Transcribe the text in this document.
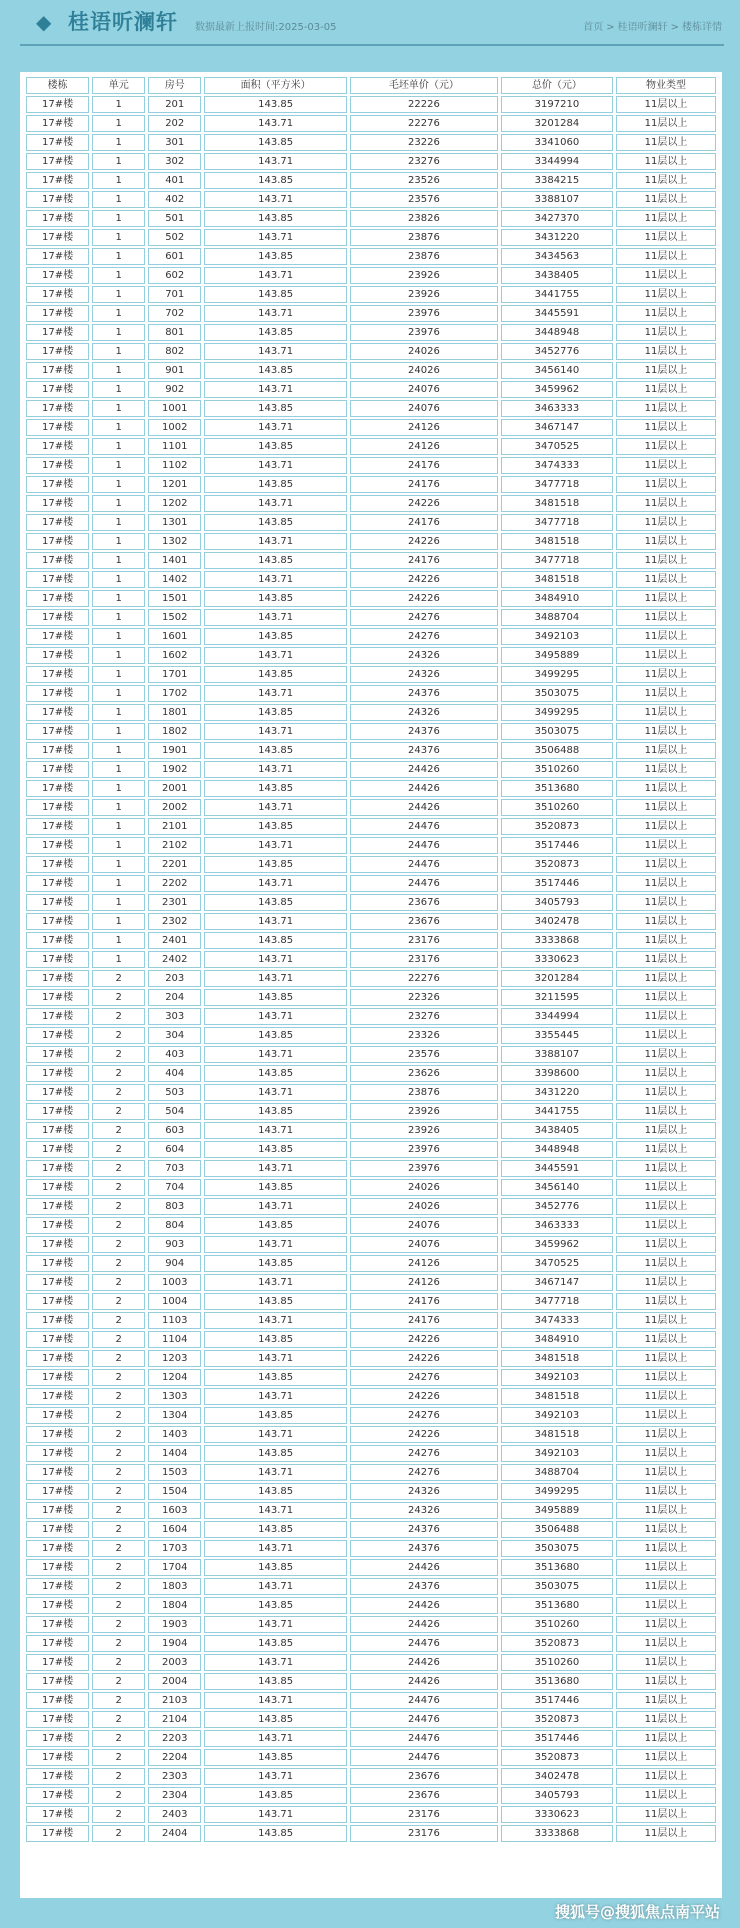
◆ 桂语听澜轩 数据最新上报时间:2025-03-05	首页 > 桂语听澜轩 > 楼栋详情
楼栋	单元	房号	面积（平方米）	毛坯单价（元）	总价（元）	物业类型
17#楼	1	201	143.85	22226	3197210	11层以上
17#楼	1	202	143.71	22276	3201284	11层以上
17#楼	1	301	143.85	23226	3341060	11层以上
17#楼	1	302	143.71	23276	3344994	11层以上
17#楼	1	401	143.85	23526	3384215	11层以上
17#楼	1	402	143.71	23576	3388107	11层以上
17#楼	1	501	143.85	23826	3427370	11层以上
17#楼	1	502	143.71	23876	3431220	11层以上
17#楼	1	601	143.85	23876	3434563	11层以上
17#楼	1	602	143.71	23926	3438405	11层以上
17#楼	1	701	143.85	23926	3441755	11层以上
17#楼	1	702	143.71	23976	3445591	11层以上
17#楼	1	801	143.85	23976	3448948	11层以上
17#楼	1	802	143.71	24026	3452776	11层以上
17#楼	1	901	143.85	24026	3456140	11层以上
17#楼	1	902	143.71	24076	3459962	11层以上
17#楼	1	1001	143.85	24076	3463333	11层以上
17#楼	1	1002	143.71	24126	3467147	11层以上
17#楼	1	1101	143.85	24126	3470525	11层以上
17#楼	1	1102	143.71	24176	3474333	11层以上
17#楼	1	1201	143.85	24176	3477718	11层以上
17#楼	1	1202	143.71	24226	3481518	11层以上
17#楼	1	1301	143.85	24176	3477718	11层以上
17#楼	1	1302	143.71	24226	3481518	11层以上
17#楼	1	1401	143.85	24176	3477718	11层以上
17#楼	1	1402	143.71	24226	3481518	11层以上
17#楼	1	1501	143.85	24226	3484910	11层以上
17#楼	1	1502	143.71	24276	3488704	11层以上
17#楼	1	1601	143.85	24276	3492103	11层以上
17#楼	1	1602	143.71	24326	3495889	11层以上
17#楼	1	1701	143.85	24326	3499295	11层以上
17#楼	1	1702	143.71	24376	3503075	11层以上
17#楼	1	1801	143.85	24326	3499295	11层以上
17#楼	1	1802	143.71	24376	3503075	11层以上
17#楼	1	1901	143.85	24376	3506488	11层以上
17#楼	1	1902	143.71	24426	3510260	11层以上
17#楼	1	2001	143.85	24426	3513680	11层以上
17#楼	1	2002	143.71	24426	3510260	11层以上
17#楼	1	2101	143.85	24476	3520873	11层以上
17#楼	1	2102	143.71	24476	3517446	11层以上
17#楼	1	2201	143.85	24476	3520873	11层以上
17#楼	1	2202	143.71	24476	3517446	11层以上
17#楼	1	2301	143.85	23676	3405793	11层以上
17#楼	1	2302	143.71	23676	3402478	11层以上
17#楼	1	2401	143.85	23176	3333868	11层以上
17#楼	1	2402	143.71	23176	3330623	11层以上
17#楼	2	203	143.71	22276	3201284	11层以上
17#楼	2	204	143.85	22326	3211595	11层以上
17#楼	2	303	143.71	23276	3344994	11层以上
17#楼	2	304	143.85	23326	3355445	11层以上
17#楼	2	403	143.71	23576	3388107	11层以上
17#楼	2	404	143.85	23626	3398600	11层以上
17#楼	2	503	143.71	23876	3431220	11层以上
17#楼	2	504	143.85	23926	3441755	11层以上
17#楼	2	603	143.71	23926	3438405	11层以上
17#楼	2	604	143.85	23976	3448948	11层以上
17#楼	2	703	143.71	23976	3445591	11层以上
17#楼	2	704	143.85	24026	3456140	11层以上
17#楼	2	803	143.71	24026	3452776	11层以上
17#楼	2	804	143.85	24076	3463333	11层以上
17#楼	2	903	143.71	24076	3459962	11层以上
17#楼	2	904	143.85	24126	3470525	11层以上
17#楼	2	1003	143.71	24126	3467147	11层以上
17#楼	2	1004	143.85	24176	3477718	11层以上
17#楼	2	1103	143.71	24176	3474333	11层以上
17#楼	2	1104	143.85	24226	3484910	11层以上
17#楼	2	1203	143.71	24226	3481518	11层以上
17#楼	2	1204	143.85	24276	3492103	11层以上
17#楼	2	1303	143.71	24226	3481518	11层以上
17#楼	2	1304	143.85	24276	3492103	11层以上
17#楼	2	1403	143.71	24226	3481518	11层以上
17#楼	2	1404	143.85	24276	3492103	11层以上
17#楼	2	1503	143.71	24276	3488704	11层以上
17#楼	2	1504	143.85	24326	3499295	11层以上
17#楼	2	1603	143.71	24326	3495889	11层以上
17#楼	2	1604	143.85	24376	3506488	11层以上
17#楼	2	1703	143.71	24376	3503075	11层以上
17#楼	2	1704	143.85	24426	3513680	11层以上
17#楼	2	1803	143.71	24376	3503075	11层以上
17#楼	2	1804	143.85	24426	3513680	11层以上
17#楼	2	1903	143.71	24426	3510260	11层以上
17#楼	2	1904	143.85	24476	3520873	11层以上
17#楼	2	2003	143.71	24426	3510260	11层以上
17#楼	2	2004	143.85	24426	3513680	11层以上
17#楼	2	2103	143.71	24476	3517446	11层以上
17#楼	2	2104	143.85	24476	3520873	11层以上
17#楼	2	2203	143.71	24476	3517446	11层以上
17#楼	2	2204	143.85	24476	3520873	11层以上
17#楼	2	2303	143.71	23676	3402478	11层以上
17#楼	2	2304	143.85	23676	3405793	11层以上
17#楼	2	2403	143.71	23176	3330623	11层以上
17#楼	2	2404	143.85	23176	3333868	11层以上
搜狐号@搜狐焦点南平站
